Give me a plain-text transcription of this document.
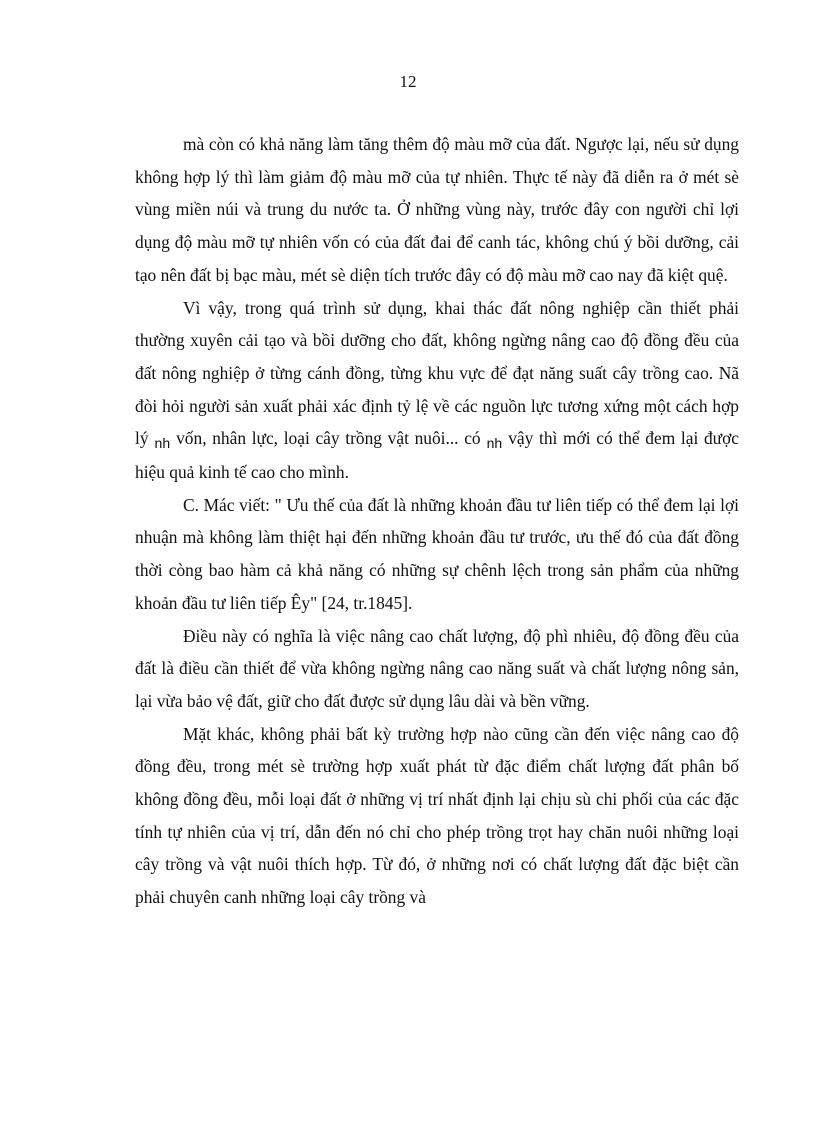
12

mà còn có khả năng làm tăng thêm độ màu mỡ của đất. Ngược lại, nếu sử dụng không hợp lý thì làm giảm độ màu mỡ của tự nhiên. Thực tế này đã diễn ra ở mét sè vùng miền núi và trung du nước ta. Ở những vùng này, trước đây con người chỉ lợi dụng độ màu mỡ tự nhiên vốn có của đất đai để canh tác, không chú ý bồi dưỡng, cải tạo nên đất bị bạc màu, mét sè diện tích trước đây có độ màu mỡ cao nay đã kiệt quệ.

Vì vậy, trong quá trình sử dụng, khai thác đất nông nghiệp cần thiết phải thường xuyên cải tạo và bồi dưỡng cho đất, không ngừng nâng cao độ đồng đều của đất nông nghiệp ở từng cánh đồng, từng khu vực để đạt năng suất cây trồng cao. Nã đòi hỏi người sản xuất phải xác định tỷ lệ về các nguồn lực tương xứng một cách hợp lý $_{nh}$ vốn, nhân lực, loại cây trồng vật nuôi... có $_{nh}$ vậy thì mới có thể đem lại được hiệu quả kinh tế cao cho mình.

C. Mác viết: " Ưu thế của đất là những khoản đầu tư liên tiếp có thể đem lại lợi nhuận mà không làm thiệt hại đến những khoản đầu tư trước, ưu thế đó của đất đồng thời còng bao hàm cả khả năng có những sự chênh lệch trong sản phẩm của những khoản đầu tư liên tiếp Êy" [24, tr.1845].

Điều này có nghĩa là việc nâng cao chất lượng, độ phì nhiêu, độ đồng đều của đất là điều cần thiết để vừa không ngừng nâng cao năng suất và chất lượng nông sản, lại vừa bảo vệ đất, giữ cho đất được sử dụng lâu dài và bền vững.

Mặt khác, không phải bất kỳ trường hợp nào cũng cần đến việc nâng cao độ đồng đều, trong mét sè trường hợp xuất phát từ đặc điểm chất lượng đất phân bố không đồng đều, mỗi loại đất ở những vị trí nhất định lại chịu sù chi phối của các đặc tính tự nhiên của vị trí, dẫn đến nó chỉ cho phép trồng trọt hay chăn nuôi những loại cây trồng và vật nuôi thích hợp. Từ đó, ở những nơi có chất lượng đất đặc biệt cần phải chuyên canh những loại cây trồng và
